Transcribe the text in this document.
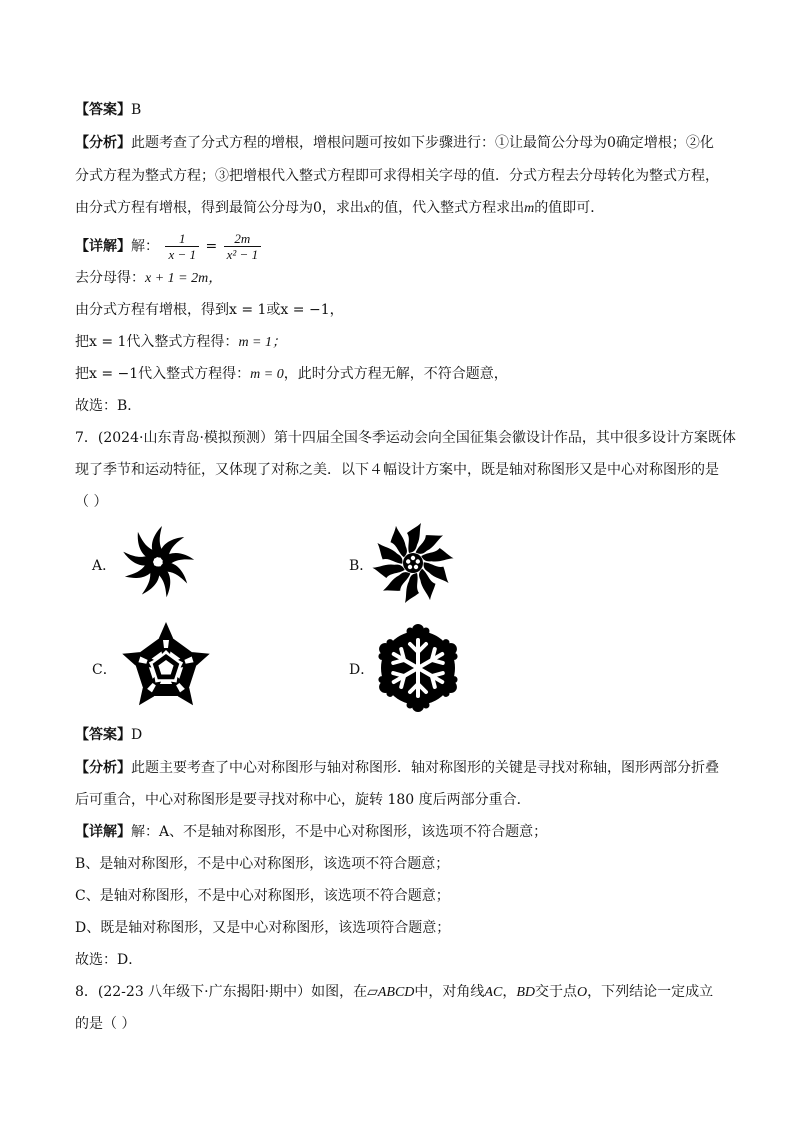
【答案】B
【分析】此题考查了分式方程的增根，增根问题可按如下步骤进行：①让最简公分母为0确定增根；②化
分式方程为整式方程；③把增根代入整式方程即可求得相关字母的值．分式方程去分母转化为整式方程，
由分式方程有增根，得到最简公分母为0，求出x的值，代入整式方程求出m的值即可．
【详解】解： $\frac{1}{x - 1} = \frac{2m}{\text{x² − 1}}$
去分母得：x + 1 = 2m，
由分式方程有增根，得到x = 1或x = −1，
把x = 1代入整式方程得：m = 1；
把x = −1代入整式方程得：m = 0，此时分式方程无解，不符合题意，
故选：B．
7．(2024·山东青岛·模拟预测）第十四届全国冬季运动会向全国征集会徽设计作品，其中很多设计方案既体
现了季节和运动特征，又体现了对称之美．以下４幅设计方案中，既是轴对称图形又是中心对称图形的是
（ ）
A．	B．
C．	D．
【答案】D
【分析】此题主要考查了中心对称图形与轴对称图形．轴对称图形的关键是寻找对称轴，图形两部分折叠
后可重合，中心对称图形是要寻找对称中心，旋转 180 度后两部分重合．
【详解】解：A、不是轴对称图形，不是中心对称图形，该选项不符合题意；
B、是轴对称图形，不是中心对称图形，该选项不符合题意；
C、是轴对称图形，不是中心对称图形，该选项不符合题意；
D、既是轴对称图形，又是中心对称图形，该选项符合题意；
故选：D．
8．(22-23 八年级下·广东揭阳·期中）如图，在▱ABCD中，对角线AC，BD交于点O，下列结论一定成立
的是（ ）
